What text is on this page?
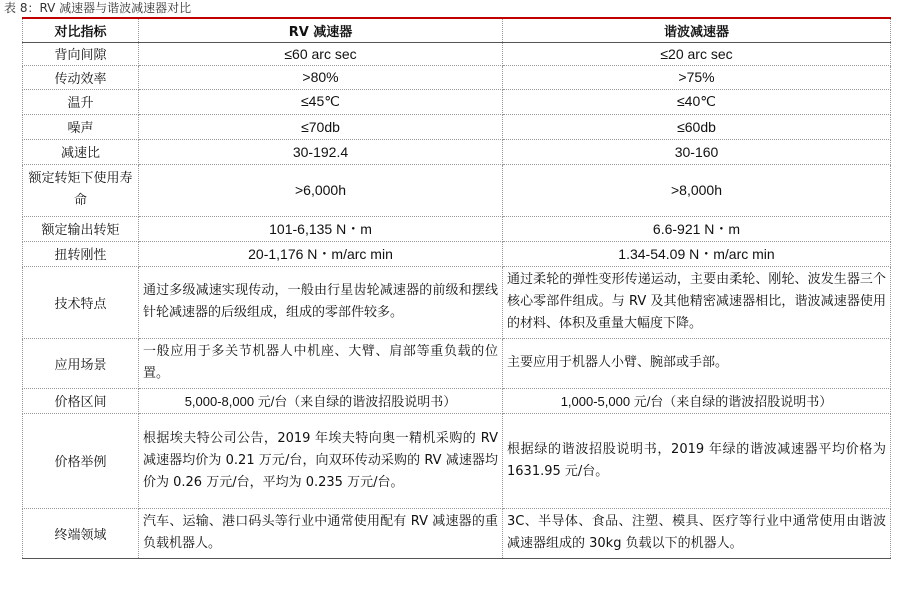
表 8：RV 减速器与谐波减速器对比
对比指标	RV 减速器	谐波减速器
背向间隙	≤60 arc sec	≤20 arc sec
传动效率	>80%	>75%
温升	≤45℃	≤40℃
噪声	≤70db	≤60db
减速比	30-192.4	30-160
额定转矩下使用寿命	>6,000h	>8,000h
额定输出转矩	101-6,135 N・m	6.6-921 N・m
扭转刚性	20-1,176 N・m/arc min	1.34-54.09 N・m/arc min
技术特点	通过多级减速实现传动，一般由行星齿轮减速器的前级和摆线针轮减速器的后级组成，组成的零部件较多。	通过柔轮的弹性变形传递运动，主要由柔轮、刚轮、波发生器三个核心零部件组成。与 RV 及其他精密减速器相比，谐波减速器使用的材料、体积及重量大幅度下降。
应用场景	一般应用于多关节机器人中机座、大臂、肩部等重负载的位置。	主要应用于机器人小臂、腕部或手部。
价格区间	5,000-8,000 元/台（来自绿的谐波招股说明书）	1,000-5,000 元/台（来自绿的谐波招股说明书）
价格举例	根据埃夫特公司公告，2019 年埃夫特向奥一精机采购的 RV 减速器均价为 0.21 万元/台，向双环传动采购的 RV 减速器均价为 0.26 万元/台，平均为 0.235 万元/台。	根据绿的谐波招股说明书，2019 年绿的谐波减速器平均价格为 1631.95 元/台。
终端领域	汽车、运输、港口码头等行业中通常使用配有 RV 减速器的重负载机器人。	3C、半导体、食品、注塑、模具、医疗等行业中通常使用由谐波减速器组成的 30kg 负载以下的机器人。
